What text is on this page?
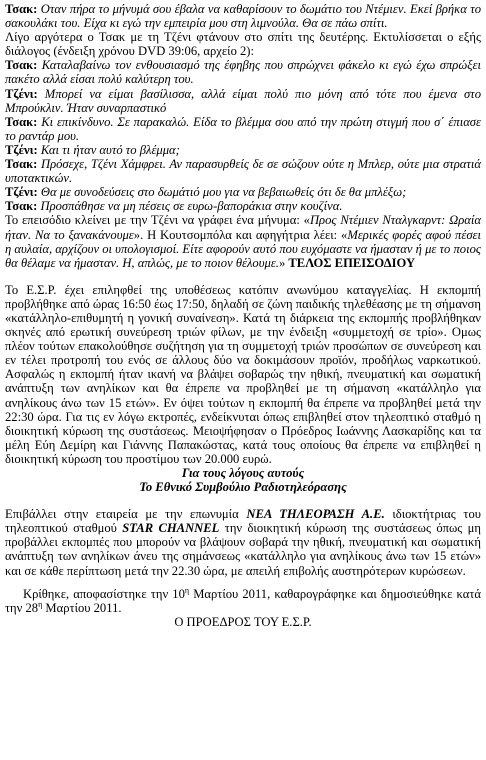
Τσακ: Οταν πήρα το μήνυμά σου έβαλα να καθαρίσουν το δωμάτιο του Ντέμιεν. Εκεί βρήκα το σακουλάκι του. Είχα κι εγώ την εμπειρία μου στη λιμνούλα. Θα σε πάω σπίτι.

Λίγο αργότερα ο Τσακ με τη Τζένι φτάνουν στο σπίτι της δευτέρης. Εκτυλίσσεται ο εξής διάλογος (ένδειξη χρόνου DVD 39:06, αρχείο 2):

Τσακ: Καταλαβαίνω τον ενθουσιασμό της έφηβης που σπρώχνει φάκελο κι εγώ έχω σπρώξει πακέτο αλλά είσαι πολύ καλύτερη του.

Τζένι: Μπορεί να είμαι βασίλισσα, αλλά είμαι πολύ πιο μόνη από τότε που έμενα στο Μπρούκλιν. Ήταν συναρπαστικό

Τσακ: Κι επικίνδυνο. Σε παρακαλώ. Είδα το βλέμμα σου από την πρώτη στιγμή που σ΄ έπιασε το ραντάρ μου.

Τζένι: Και τι ήταν αυτό το βλέμμα;

Τσακ: Πρόσεχε, Τζένι Χάμφρει. Αν παρασυρθείς δε σε σώζουν ούτε η Μπλερ, ούτε μια στρατιά υποτακτικών.

Τζένι: Θα με συνοδεύσεις στο δωμάτιό μου για να βεβαιωθείς ότι δε θα μπλέξω;

Τσακ: Προσπάθησε να μη πέσεις σε ευρω-βαποράκια στην κουζίνα.

Το επεισόδιο κλείνει με την Τζένι να γράφει ένα μήνυμα: «Προς Ντέμιεν Νταλγκαρντ: Ωραία ήταν. Να το ξανακάνουμε». Η Κουτσομπόλα και αφηγήτρια λέει: «Μερικές φορές αφού πέσει η αυλαία, αρχίζουν οι υπολογισμοί. Είτε αφορούν αυτό που ευχόμαστε να ήμασταν ή με το ποιος θα θέλαμε να ήμασταν. Η, απλώς, με το ποιον θέλουμε.» ΤΕΛΟΣ ΕΠΕΙΣΟΔΙΟΥ

Το Ε.Σ.Ρ. έχει επιληφθεί της υποθέσεως κατόπιν ανωνύμου καταγγελίας. Η εκπομπή προβλήθηκε από ώρας 16:50 έως 17:50, δηλαδή σε ζώνη παιδικής τηλεθέασης με τη σήμανση «κατάλληλο-επιθυμητή η γονική συναίνεση». Κατά τη διάρκεια της εκπομπής προβλήθηκαν σκηνές από ερωτική συνεύρεση τριών φίλων, με την ένδειξη «συμμετοχή σε τρίο». Ομως πλέον τούτων επακολούθησε συζήτηση για τη συμμετοχή τριών προσώπων σε συνεύρεση και εν τέλει προτροπή του ενός σε άλλους δύο να δοκιμάσουν προϊόν, προδήλως ναρκωτικού. Ασφαλώς η εκπομπή ήταν ικανή να βλάψει σοβαρώς την ηθική, πνευματική και σωματική ανάπτυξη των ανηλίκων και θα έπρεπε να προβληθεί με τη σήμανση «κατάλληλο για ανηλίκους άνω των 15 ετών». Εν όψει τούτων η εκπομπή θα έπρεπε να προβληθεί μετά την 22:30 ώρα. Για τις εν λόγω εκτροπές, ενδείκνυται όπως επιβληθεί στον τηλεοπτικό σταθμό η διοικητική κύρωση της συστάσεως. Μειοψήφησαν ο Πρόεδρος Ιωάννης Λασκαρίδης και τα μέλη Εύη Δεμίρη και Γιάννης Παπακώστας, κατά τους οποίους θα έπρεπε να επιβληθεί η διοικητική κύρωση του προστίμου των 20.000 ευρώ.

Για τους λόγους αυτούς

Το Εθνικό Συμβούλιο Ραδιοτηλεόρασης

Επιβάλλει στην εταιρεία με την επωνυμία ΝΕΑ ΤΗΛΕΟΡΑΣΗ Α.Ε. ιδιοκτήτριας του τηλεοπτικού σταθμού STAR CHANNEL την διοικητική κύρωση της συστάσεως όπως μη προβάλλει εκπομπές που μπορούν να βλάψουν σοβαρά την ηθική, πνευματική και σωματική ανάπτυξη των ανηλίκων άνευ της σημάνσεως «κατάλληλο για ανηλίκους άνω των 15 ετών» και σε κάθε περίπτωση μετά την 22.30 ώρα, με απειλή επιβολής αυστηρότερων κυρώσεων.

Κρίθηκε, αποφασίστηκε την $10^\eta$ Μαρτίου 2011, καθαρογράφηκε και δημοσιεύθηκε κατά την $28^\eta$ Μαρτίου 2011.

Ο ΠΡΟΕΔΡΟΣ ΤΟΥ Ε.Σ.Ρ.
